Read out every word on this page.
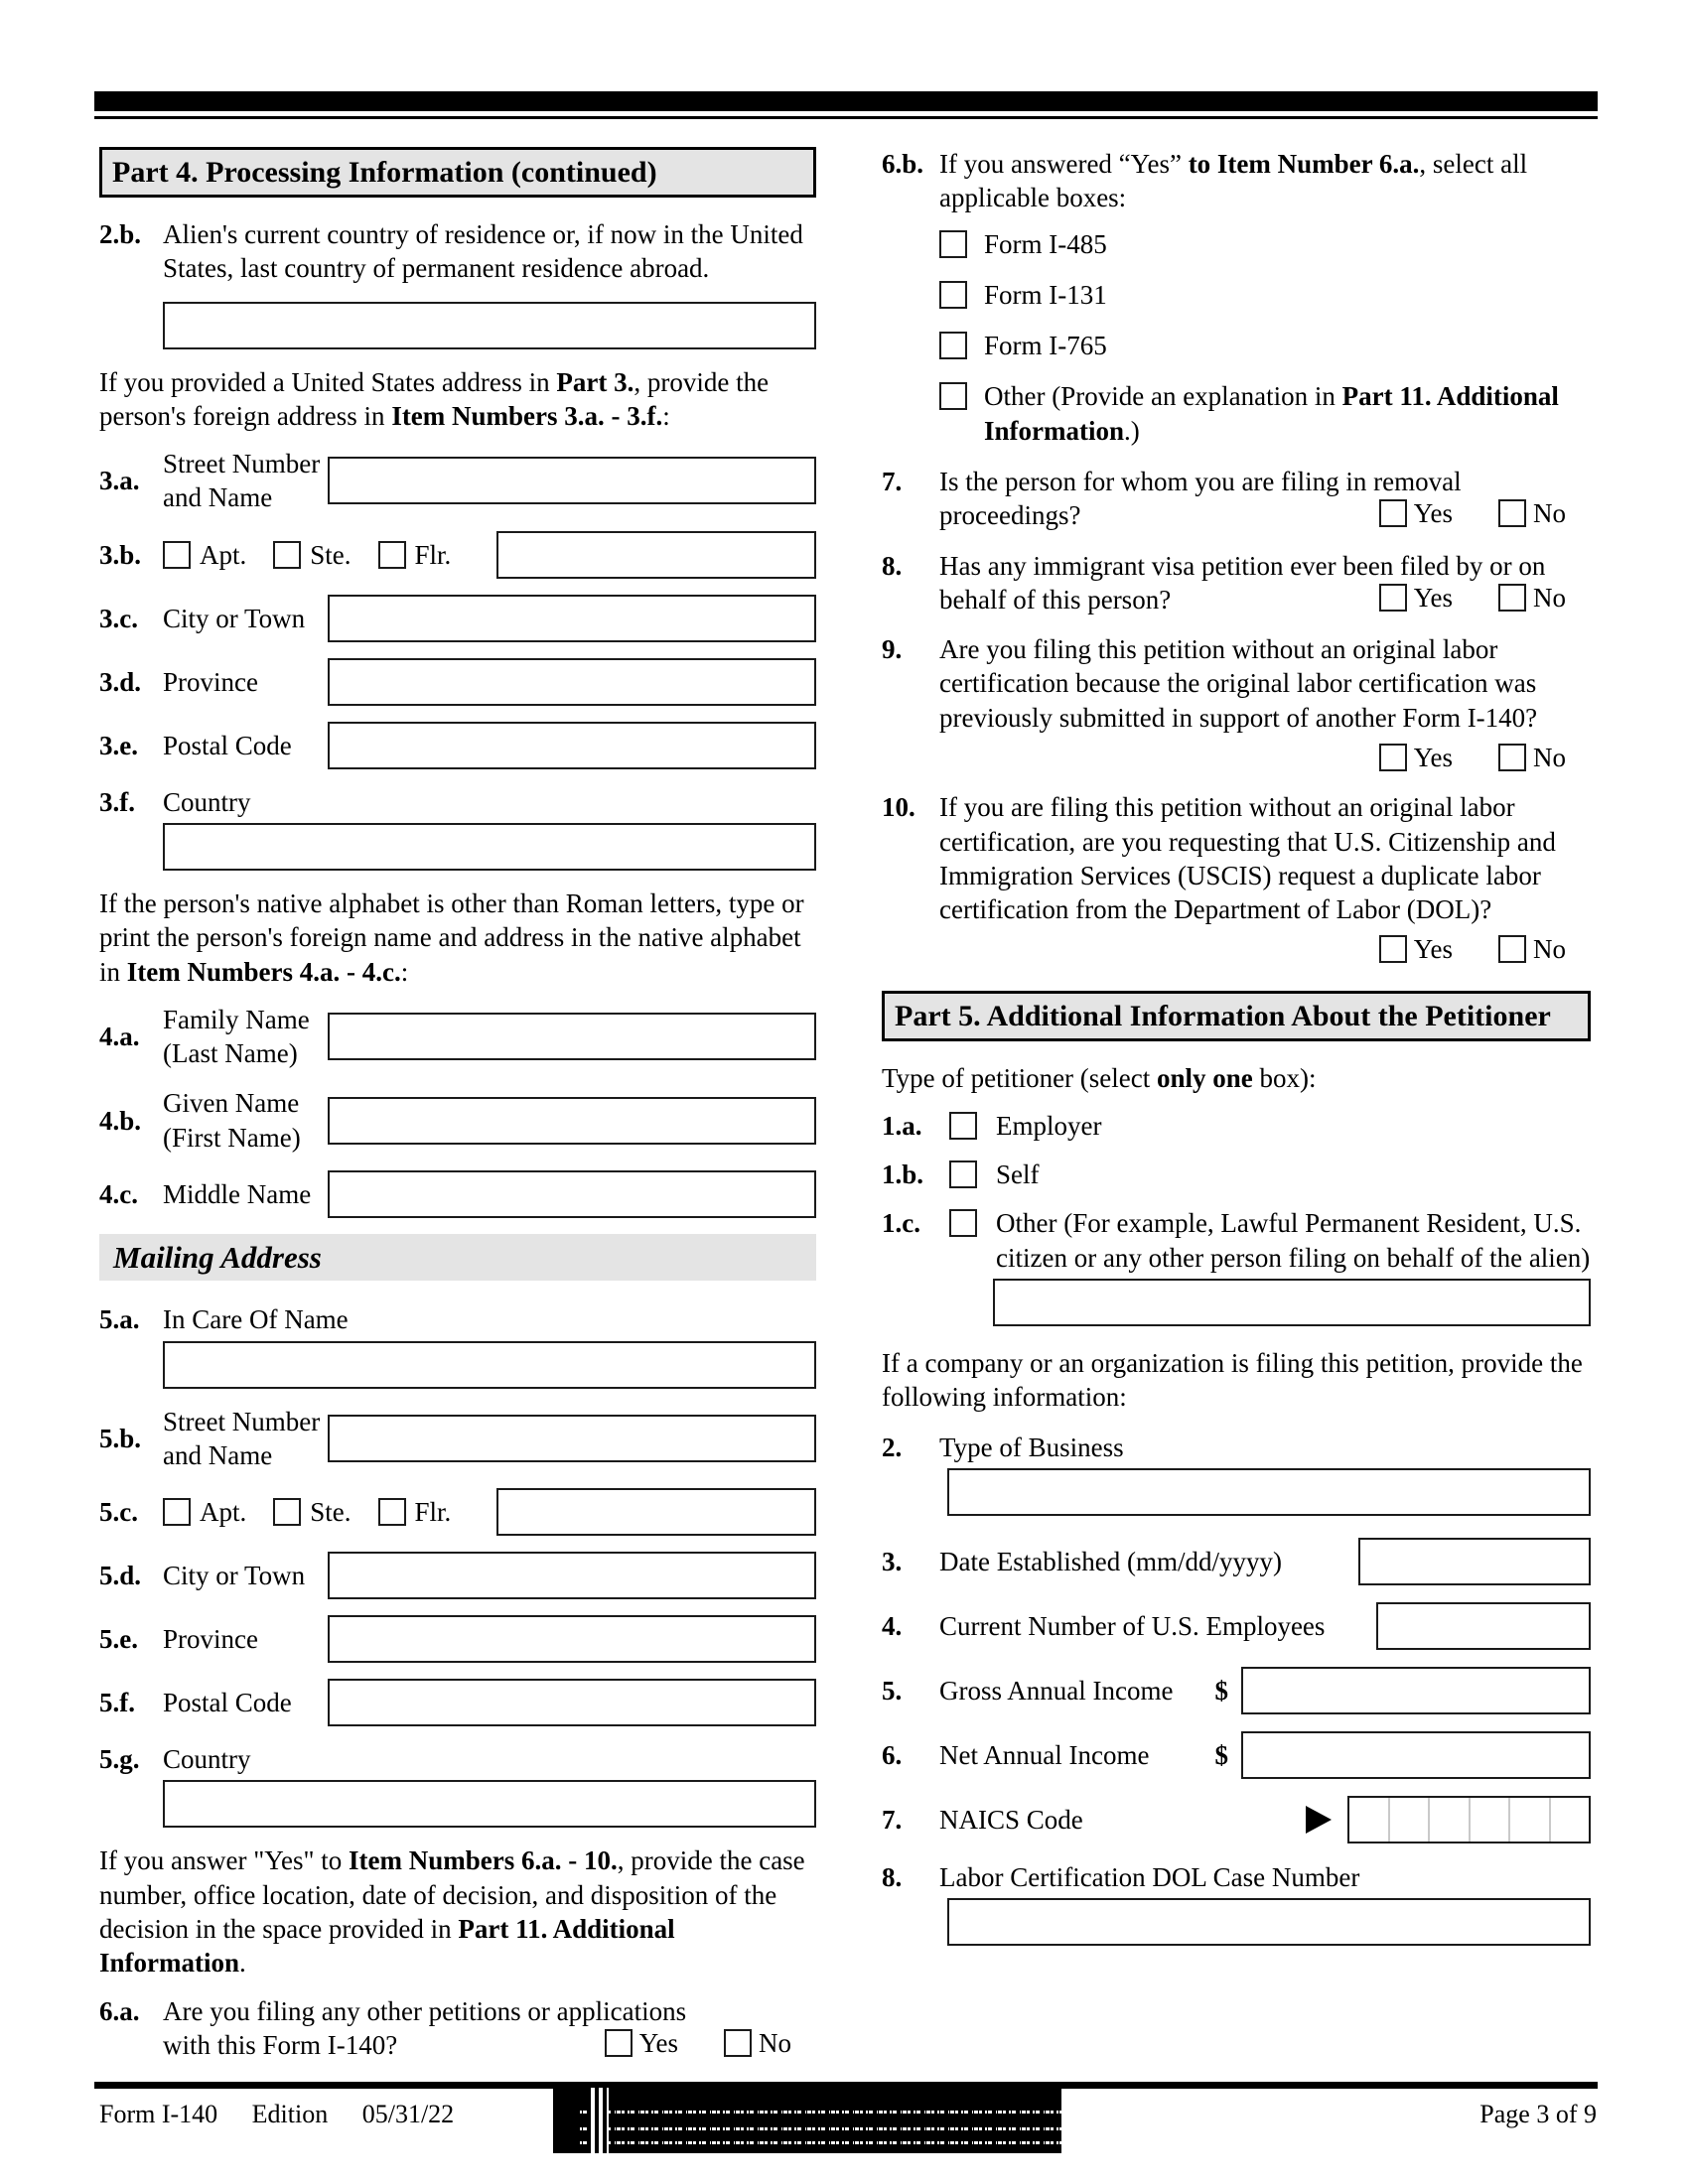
Part 4. Processing Information (continued)
2.b. Alien's current country of residence or, if now in the United States, last country of permanent residence abroad.

If you provided a United States address in Part 3., provide the person's foreign address in Item Numbers 3.a. - 3.f.:

3.a.
Street Number and Name
3.b.	Apt. Ste. Flr.
3.c. City or Town
3.d. Province
3.e. Postal Code
3.f.	Country

If the person's native alphabet is other than Roman letters, type or print the person's foreign name and address in the native alphabet in Item Numbers 4.a. - 4.c.:

4.a.
Family Name (Last Name)
4.b.
Given Name (First Name)
4.c. Middle Name
Mailing Address
5.a. In Care Of Name
5.b.
Street Number and Name
5.c.	Apt. Ste. Flr.
5.d. City or Town
5.e. Province
5.f.	Postal Code
5.g. Country

If you answer "Yes" to Item Numbers 6.a. - 10., provide the case number, office location, date of decision, and disposition of the decision in the space provided in Part 11. Additional Information.

6.a. Are you filing any other petitions or applications with this Form I-140?	Yes	No
6.b. If you answered “Yes” to Item Number 6.a., select all applicable boxes:
Form I-485
Form I-131
Form I-765
Other (Provide an explanation in Part 11. Additional Information.)
7.	Is the person for whom you are filing in removal proceedings?	Yes	No
8.	Has any immigrant visa petition ever been filed by or on behalf of this person?	Yes	No
9.	Are you filing this petition without an original labor certification because the original labor certification was previously submitted in support of another Form I-140?
Yes	No
10. If you are filing this petition without an original labor certification, are you requesting that U.S. Citizenship and Immigration Services (USCIS) request a duplicate labor certification from the Department of Labor (DOL)?
Yes	No
Part 5. Additional Information About the Petitioner

Type of petitioner (select only one box):

1.a.	Employer
1.b.	Self
1.c.	Other (For example, Lawful Permanent Resident, U.S. citizen or any other person filing on behalf of the alien)

If a company or an organization is filing this petition, provide the following information:

2.	Type of Business
3.	Date Established (mm/dd/yyyy)
4.	Current Number of U.S. Employees
5.	Gross Annual Income $
6.	Net Annual Income $
7.	NAICS Code
8.	Labor Certification DOL Case Number
Form I-140 Edition 05/31/22	Page 3 of 9
